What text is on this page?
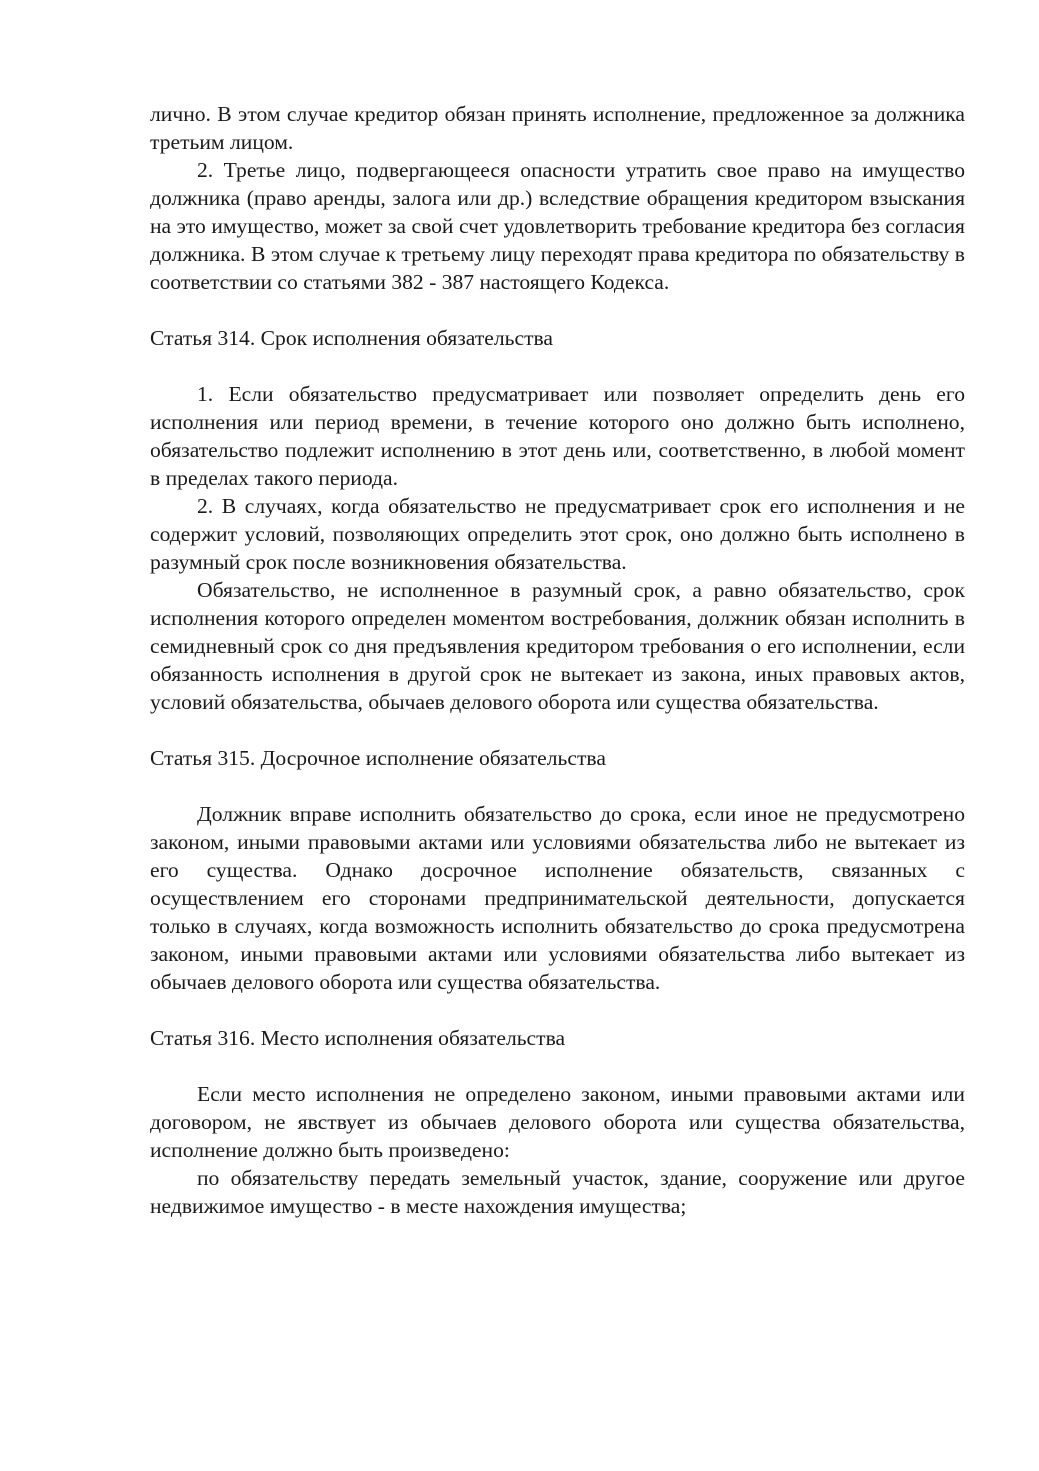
лично. В этом случае кредитор обязан принять исполнение, предложенное за должника третьим лицом.

2. Третье лицо, подвергающееся опасности утратить свое право на имущество должника (право аренды, залога или др.) вследствие обращения кредитором взыскания на это имущество, может за свой счет удовлетворить требование кредитора без согласия должника. В этом случае к третьему лицу переходят права кредитора по обязательству в соответствии со статьями 382 - 387 настоящего Кодекса.

Статья 314. Срок исполнения обязательства

1. Если обязательство предусматривает или позволяет определить день его исполнения или период времени, в течение которого оно должно быть исполнено, обязательство подлежит исполнению в этот день или, соответственно, в любой момент в пределах такого периода.

2. В случаях, когда обязательство не предусматривает срок его исполнения и не содержит условий, позволяющих определить этот срок, оно должно быть исполнено в разумный срок после возникновения обязательства.

Обязательство, не исполненное в разумный срок, а равно обязательство, срок исполнения которого определен моментом востребования, должник обязан исполнить в семидневный срок со дня предъявления кредитором требования о его исполнении, если обязанность исполнения в другой срок не вытекает из закона, иных правовых актов, условий обязательства, обычаев делового оборота или существа обязательства.

Статья 315. Досрочное исполнение обязательства

Должник вправе исполнить обязательство до срока, если иное не предусмотрено законом, иными правовыми актами или условиями обязательства либо не вытекает из его существа. Однако досрочное исполнение обязательств, связанных с осуществлением его сторонами предпринимательской деятельности, допускается только в случаях, когда возможность исполнить обязательство до срока предусмотрена законом, иными правовыми актами или условиями обязательства либо вытекает из обычаев делового оборота или существа обязательства.

Статья 316. Место исполнения обязательства

Если место исполнения не определено законом, иными правовыми актами или договором, не явствует из обычаев делового оборота или существа обязательства, исполнение должно быть произведено:

по обязательству передать земельный участок, здание, сооружение или другое недвижимое имущество - в месте нахождения имущества;
